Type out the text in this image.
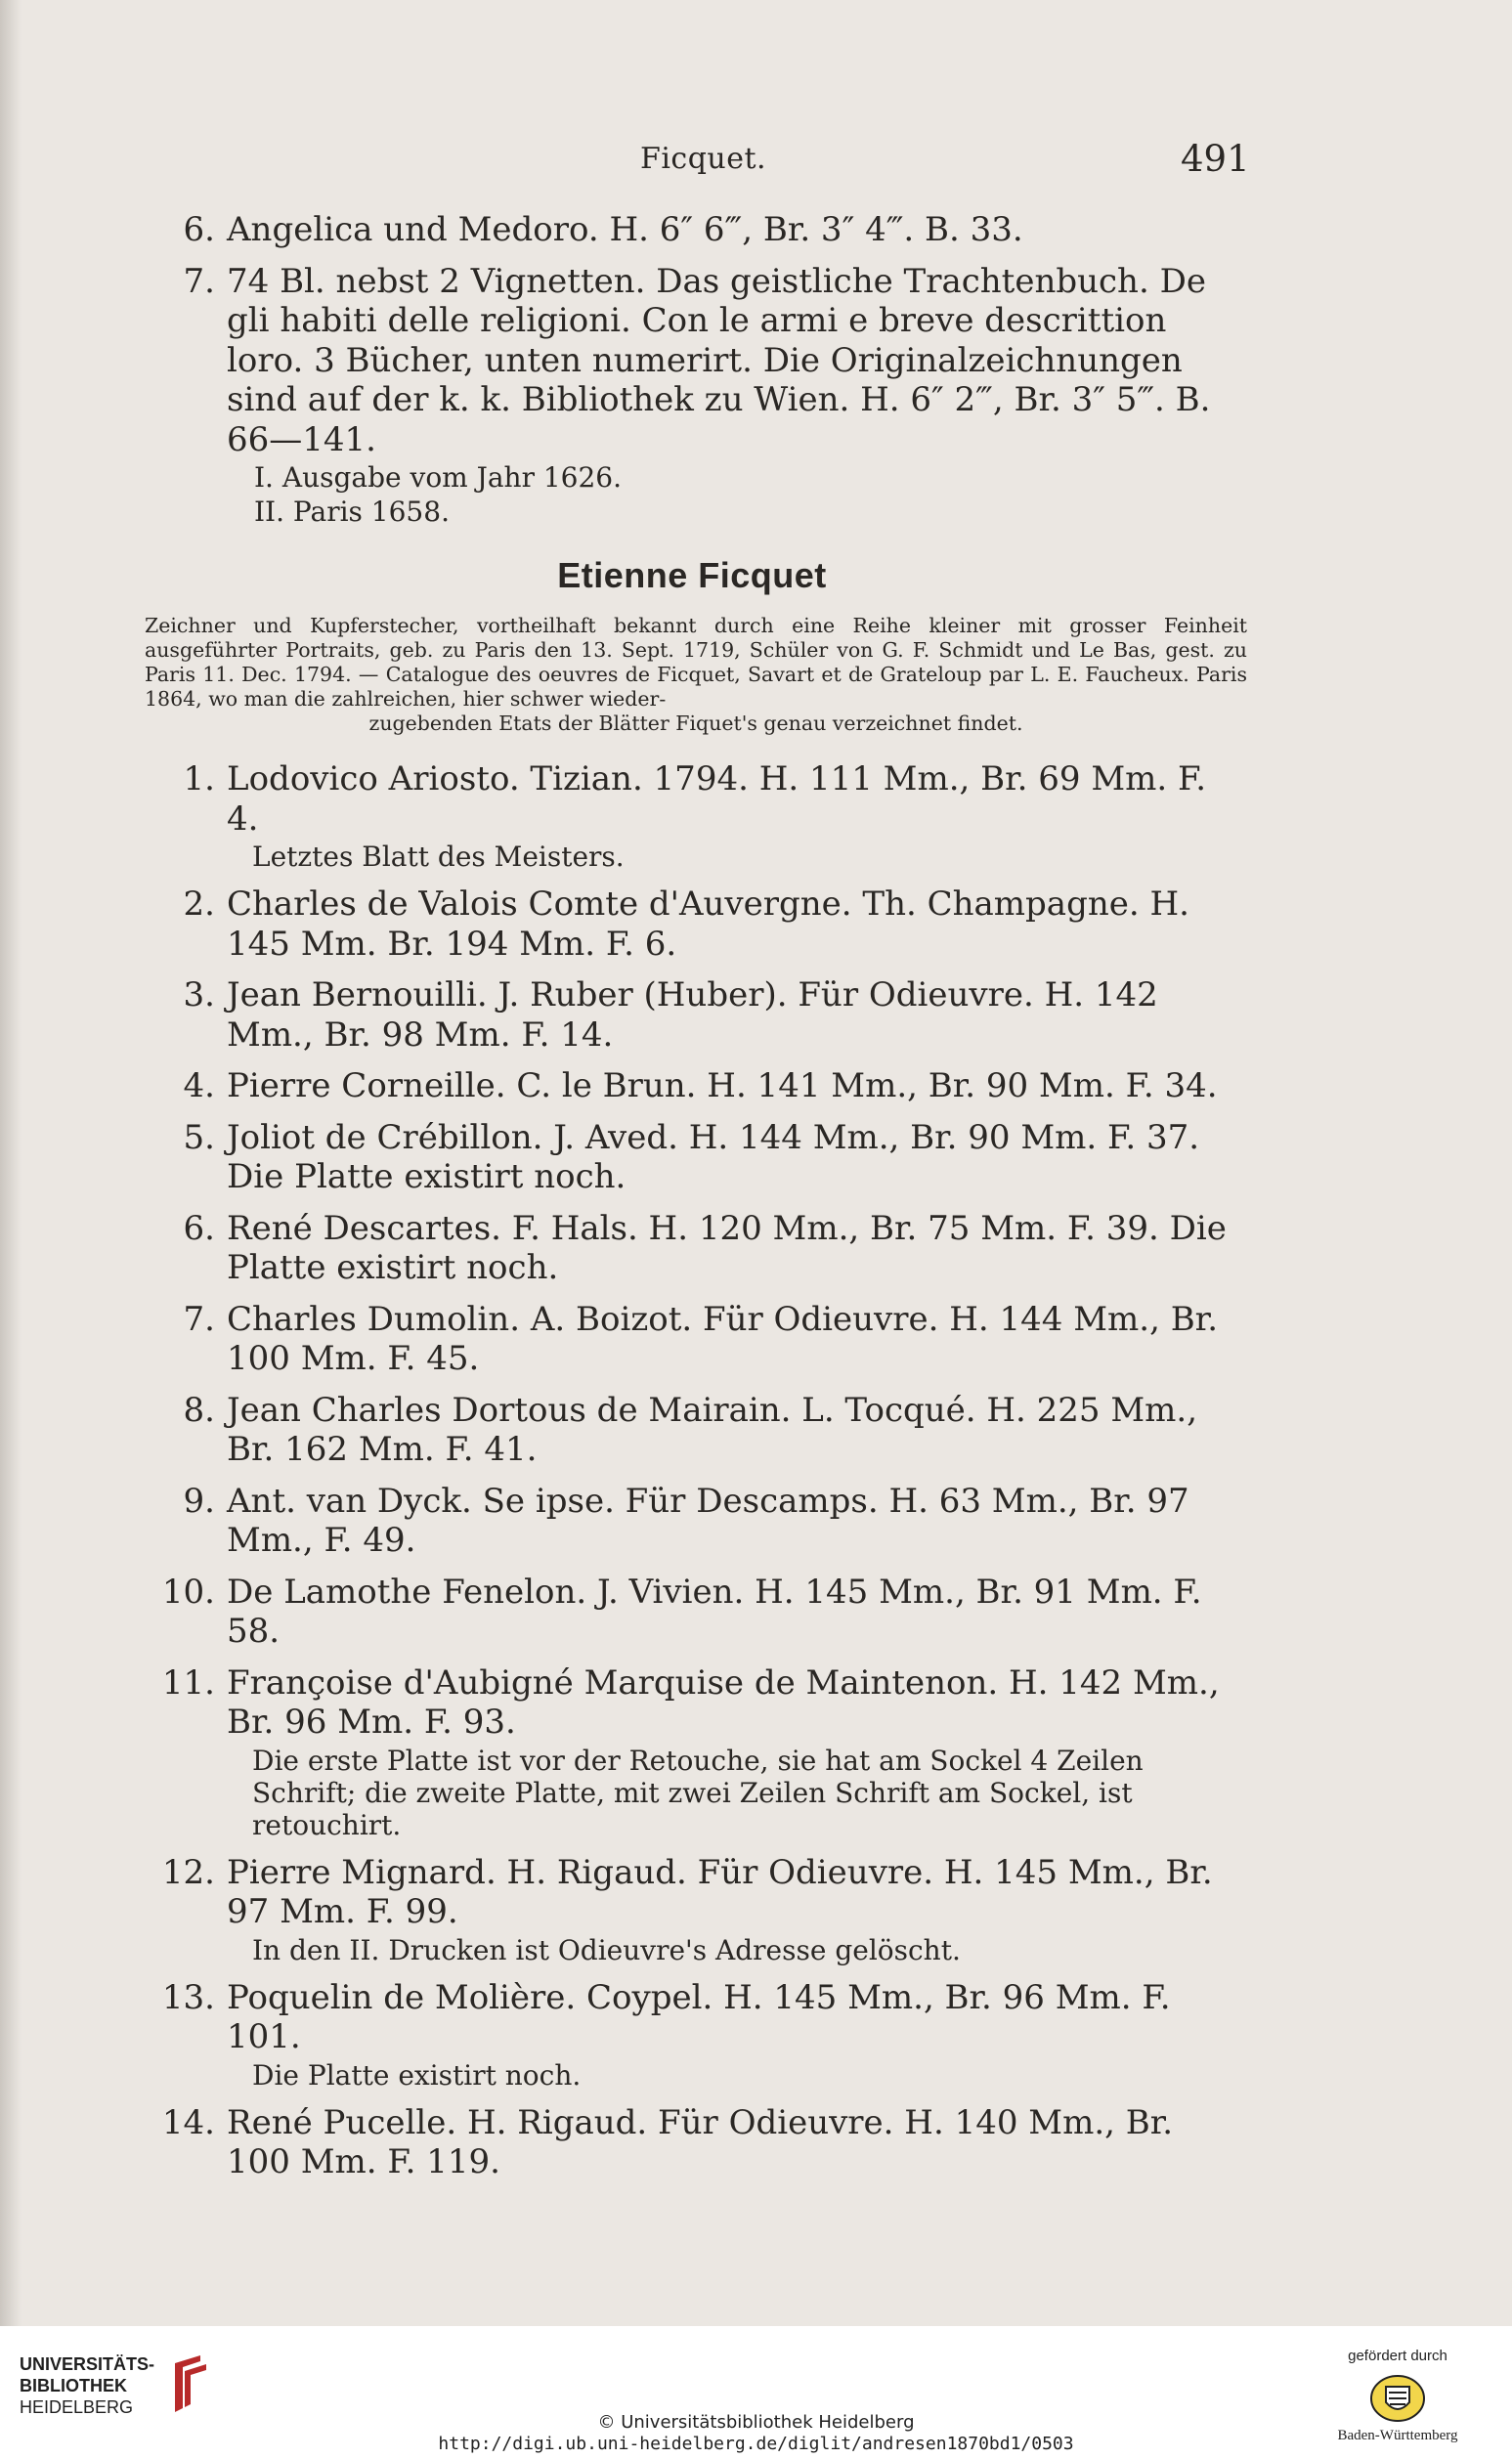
Ficquet.	491
6. Angelica und Medoro. H. 6″ 6‴, Br. 3″ 4‴. B. 33.

7. 74 Bl. nebst 2 Vignetten. Das geistliche Trachtenbuch. De gli habiti delle religioni. Con le armi e breve descrittion loro. 3 Bücher, unten numerirt. Die Originalzeichnungen sind auf der k. k. Bibliothek zu Wien. H. 6″ 2‴, Br. 3″ 5‴. B. 66—141.

I. Ausgabe vom Jahr 1626.

II. Paris 1658.

Etienne Ficquet
Zeichner und Kupferstecher, vortheilhaft bekannt durch eine Reihe kleiner mit grosser Feinheit ausgeführter Portraits, geb. zu Paris den 13. Sept. 1719, Schüler von G. F. Schmidt und Le Bas, gest. zu Paris 11. Dec. 1794. — Catalogue des oeuvres de Ficquet, Savart et de Grateloup par L. E. Faucheux. Paris 1864, wo man die zahlreichen, hier schwer wieder-
zugebenden Etats der Blätter Fiquet's genau verzeichnet findet.
1. Lodovico Ariosto. Tizian. 1794. H. 111 Mm., Br. 69 Mm. F. 4.

Letztes Blatt des Meisters.

2. Charles de Valois Comte d'Auvergne. Th. Champagne. H. 145 Mm. Br. 194 Mm. F. 6.

3. Jean Bernouilli. J. Ruber (Huber). Für Odieuvre. H. 142 Mm., Br. 98 Mm. F. 14.

4. Pierre Corneille. C. le Brun. H. 141 Mm., Br. 90 Mm. F. 34.

5. Joliot de Crébillon. J. Aved. H. 144 Mm., Br. 90 Mm. F. 37. Die Platte existirt noch.

6. René Descartes. F. Hals. H. 120 Mm., Br. 75 Mm. F. 39. Die Platte existirt noch.

7. Charles Dumolin. A. Boizot. Für Odieuvre. H. 144 Mm., Br. 100 Mm. F. 45.

8. Jean Charles Dortous de Mairain. L. Tocqué. H. 225 Mm., Br. 162 Mm. F. 41.

9. Ant. van Dyck. Se ipse. Für Descamps. H. 63 Mm., Br. 97 Mm., F. 49.

10. De Lamothe Fenelon. J. Vivien. H. 145 Mm., Br. 91 Mm. F. 58.

11. Françoise d'Aubigné Marquise de Maintenon. H. 142 Mm., Br. 96 Mm. F. 93.

Die erste Platte ist vor der Retouche, sie hat am Sockel 4 Zeilen Schrift; die zweite Platte, mit zwei Zeilen Schrift am Sockel, ist retouchirt.

12. Pierre Mignard. H. Rigaud. Für Odieuvre. H. 145 Mm., Br. 97 Mm. F. 99.

In den II. Drucken ist Odieuvre's Adresse gelöscht.

13. Poquelin de Molière. Coypel. H. 145 Mm., Br. 96 Mm. F. 101.

Die Platte existirt noch.

14. René Pucelle. H. Rigaud. Für Odieuvre. H. 140 Mm., Br. 100 Mm. F. 119.

UNIVERSITÄTS-
BIBLIOTHEK
HEIDELBERG
© Universitätsbibliothek Heidelberg
http://digi.ub.uni-heidelberg.de/diglit/andresen1870bd1/0503
gefördert durch
Baden-Württemberg
